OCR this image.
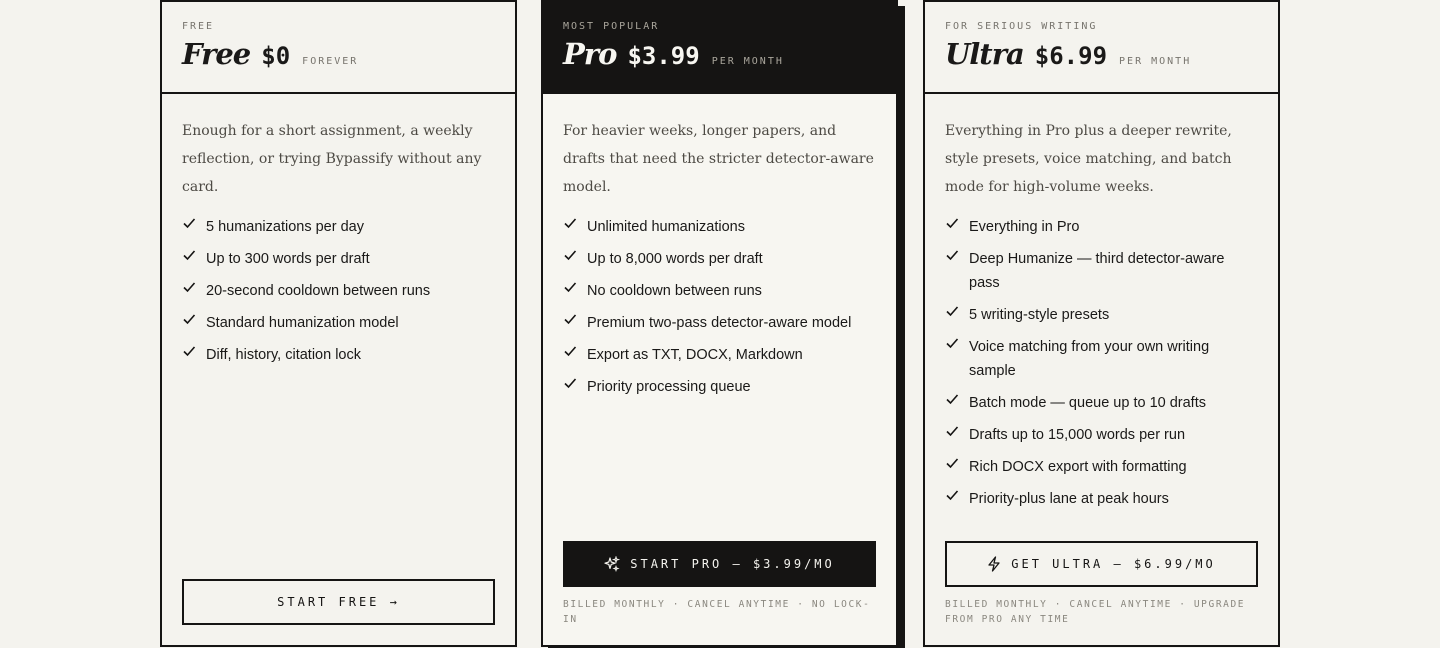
FREE
Free $0 FOREVER

Enough for a short assignment, a weekly reflection, or trying Bypassify without any card.

5 humanizations per day
Up to 300 words per draft
20-second cooldown between runs
Standard humanization model
Diff, history, citation lock
START FREE →
MOST POPULAR
Pro $3.99 PER MONTH

For heavier weeks, longer papers, and drafts that need the stricter detector-aware model.

Unlimited humanizations
Up to 8,000 words per draft
No cooldown between runs
Premium two-pass detector-aware model
Export as TXT, DOCX, Markdown
Priority processing queue
START PRO — $3.99/MO
BILLED MONTHLY · CANCEL ANYTIME · NO LOCK-IN
FOR SERIOUS WRITING
Ultra $6.99 PER MONTH

Everything in Pro plus a deeper rewrite, style presets, voice matching, and batch mode for high-volume weeks.

Everything in Pro
Deep Humanize — third detector-aware pass
5 writing-style presets
Voice matching from your own writing sample
Batch mode — queue up to 10 drafts
Drafts up to 15,000 words per run
Rich DOCX export with formatting
Priority-plus lane at peak hours
GET ULTRA — $6.99/MO
BILLED MONTHLY · CANCEL ANYTIME · UPGRADE FROM PRO ANY TIME
